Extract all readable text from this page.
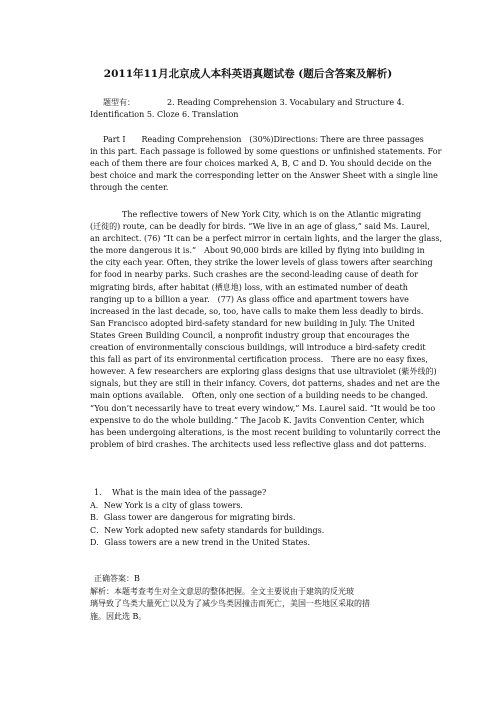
2011年11月北京成人本科英语真题试卷 (题后含答案及解析)
题型有：	2. Reading Comprehension 3. Vocabulary and Structure 4.
Identification 5. Cloze 6. Translation
Part I　　Reading Comprehension　(30%)Directions: There are three passages
in this part. Each passage is followed by some questions or unfinished statements. For
each of them there are four choices marked A, B, C and D. You should decide on the
best choice and mark the corresponding letter on the Answer Sheet with a single line
through the center.
　　　　The reflective towers of New York City, which is on the Atlantic migrating
(迁徙的) route, can be deadly for birds. “We live in an age of glass,” said Ms. Laurel,
an architect. (76) “It can be a perfect mirror in certain lights, and the larger the glass,
the more dangerous it is.”　About 90,000 birds are killed by flying into building in
the city each year. Often, they strike the lower levels of glass towers after searching
for food in nearby parks. Such crashes are the second-leading cause of death for
migrating birds, after habitat (栖息地) loss, with an estimated number of death
ranging up to a billion a year.　(77) As glass office and apartment towers have
increased in the last decade, so, too, have calls to make them less deadly to birds.
San Francisco adopted bird-safety standard for new building in July. The United
States Green Building Council, a nonprofit industry group that encourages the
creation of environmentally conscious buildings, will introduce a bird-safety credit
this fall as part of its environmental certification process.　There are no easy fixes,
however. A few researchers are exploring glass designs that use ultraviolet (紫外线的)
signals, but they are still in their infancy. Covers, dot patterns, shades and net are the
main options available.　Often, only one section of a building needs to be changed.
“You don’t necessarily have to treat every window,” Ms. Laurel said. “It would be too
expensive to do the whole building.” The Jacob K. Javits Convention Center, which
has been undergoing alterations, is the most recent building to voluntarily correct the
problem of bird crashes. The architects used less reflective glass and dot patterns.
1.　 What is the main idea of the passage?
A．New York is a city of glass towers.
B．Glass tower are dangerous for migrating birds.
C．New York adopted new safety standards for buildings.
D．Glass towers are a new trend in the United States.
正确答案：B
解析：本题考查考生对全文意思的整体把握。全文主要说由于建筑的反光玻
璃导致了鸟类大量死亡以及为了减少鸟类因撞击而死亡，美国一些地区采取的措
施。因此选 B。
